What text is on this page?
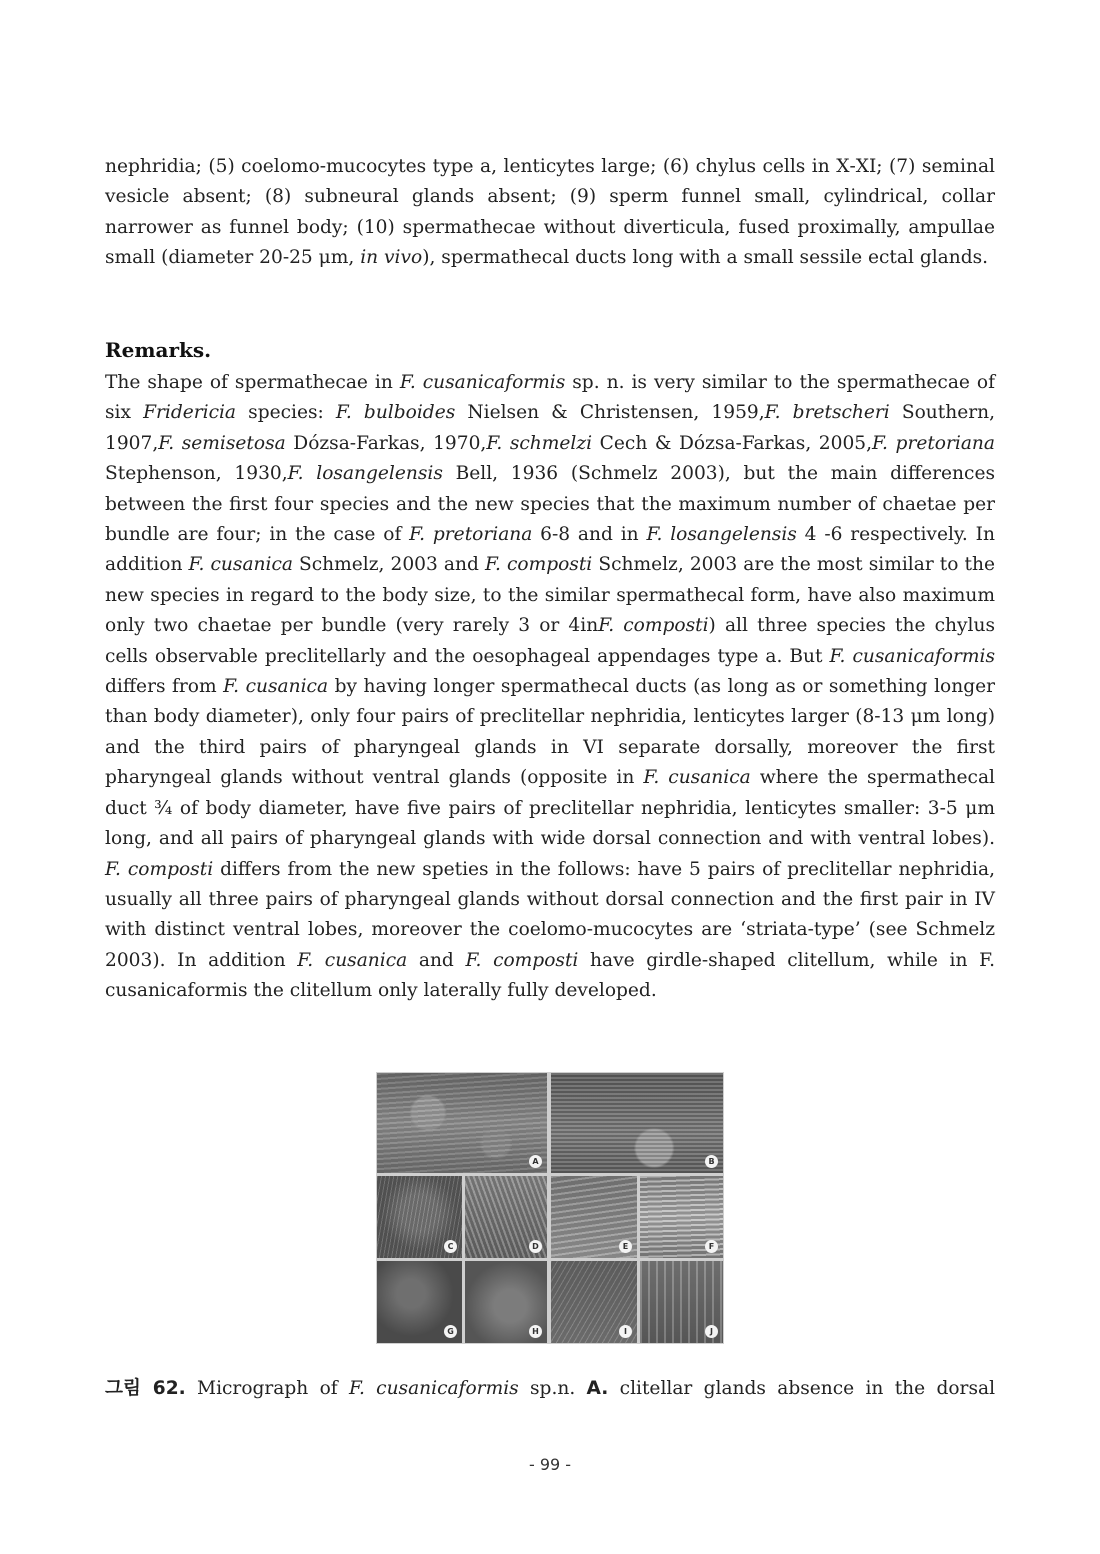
nephridia; (5) coelomo-mucocytes type a, lenticytes large; (6) chylus cells in X‑XI; (7) seminal vesicle absent; (8) subneural glands absent; (9) sperm funnel small, cylindrical, collar narrower as funnel body; (10) spermathecae without diverticula, fused proximally, ampullae small (diameter 20‑25 μm, in vivo), spermathecal ducts long with a small sessile ectal glands.

Remarks.

The shape of spermathecae in F. cusanicaformis sp. n. is very similar to the spermathecae of six Fridericia species: F. bulboides Nielsen & Christensen, 1959,F. bretscheri Southern, 1907,F. semisetosa Dózsa-Farkas, 1970,F. schmelzi Cech & Dózsa-Farkas, 2005,F. pretoriana Stephenson, 1930,F. losangelensis Bell, 1936 (Schmelz 2003), but the main differences between the first four species and the new species that the maximum number of chaetae per bundle are four; in the case of F. pretoriana 6‑8 and in F. losangelensis 4 ‑6 respectively. In addition F. cusanica Schmelz, 2003 and F. composti Schmelz, 2003 are the most similar to the new species in regard to the body size, to the similar spermathecal form, have also maximum only two chaetae per bundle (very rarely 3 or 4inF. composti) all three species the chylus cells observable preclitellarly and the oesophageal appendages type a. But F. cusanicaformis differs from F. cusanica by having longer spermathecal ducts (as long as or something longer than body diameter), only four pairs of preclitellar nephridia, lenticytes larger (8‑13 μm long) and the third pairs of pharyngeal glands in VI separate dorsally, moreover the first pharyngeal glands without ventral glands (opposite in F. cusanica where the spermathecal duct ¾ of body diameter, have five pairs of preclitellar nephridia, lenticytes smaller: 3‑5 μm long, and all pairs of pharyngeal glands with wide dorsal connection and with ventral lobes). F. composti differs from the new speties in the follows: have 5 pairs of preclitellar nephridia, usually all three pairs of pharyngeal glands without dorsal connection and the first pair in IV with distinct ventral lobes, moreover the coelomo-mucocytes are ‘striata-type’ (see Schmelz 2003). In addition F. cusanica and F. composti have girdle-shaped clitellum, while in F. cusanicaformis the clitellum only laterally fully developed.

A	B
C	D	E	F
G	H	I	J

그림 62. Micrograph of F. cusanicaformis sp.n. A. clitellar glands absence in the dorsal

- 99 -
